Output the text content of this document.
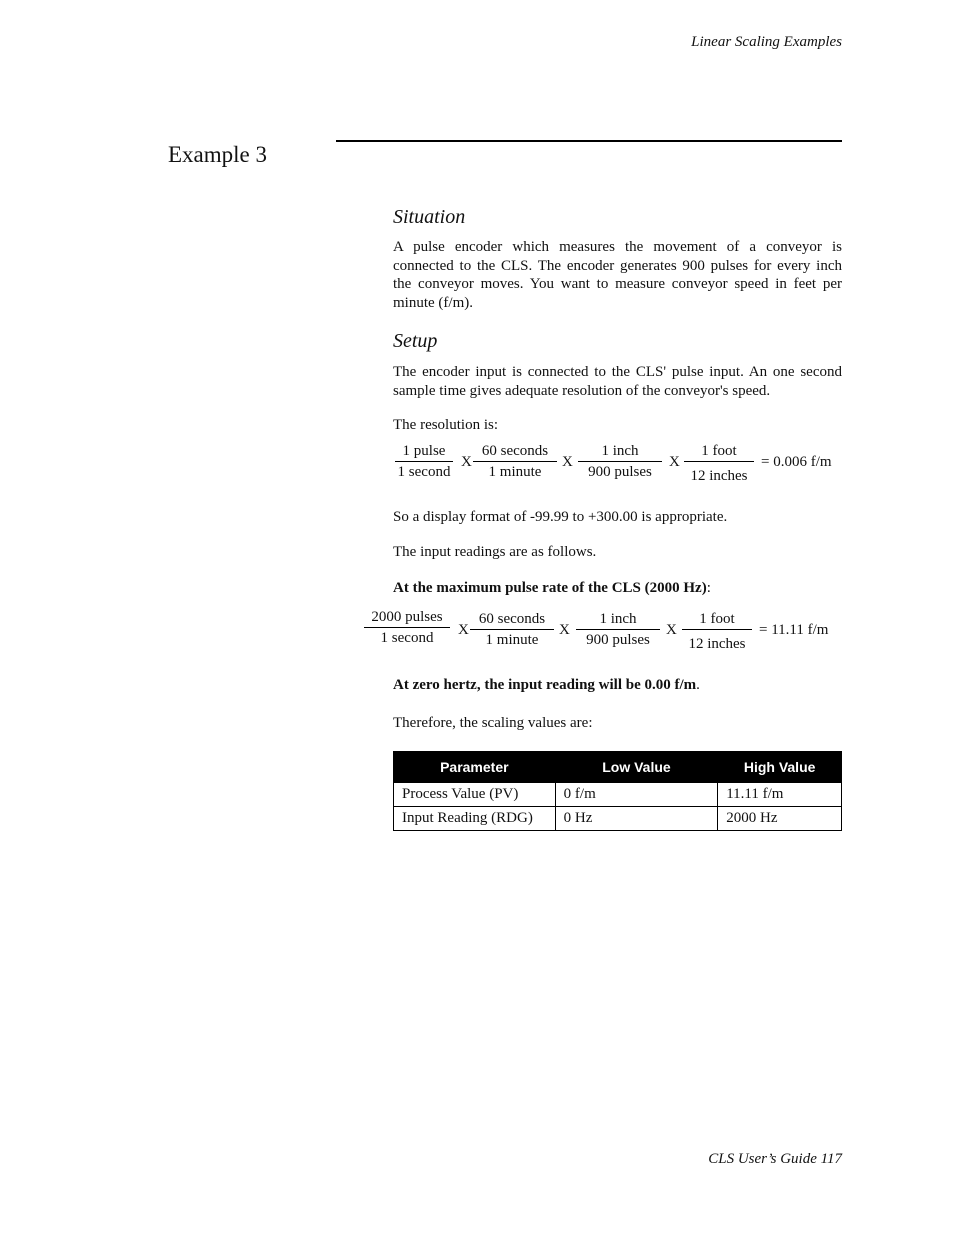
Linear Scaling Examples
Example 3
Situation
A pulse encoder which measures the movement of a conveyor is connected to the CLS. The encoder generates 900 pulses for every inch the conveyor moves. You want to measure conveyor speed in feet per minute (f/m).
Setup
The encoder input is connected to the CLS' pulse input. An one second sample time gives adequate resolution of the conveyor's speed.
The resolution is:
1 pulse
1 second
X
60 seconds
1 minute
X
1 inch
900 pulses
X
1 foot
12 inches
= 0.006 f/m
So a display format of -99.99 to +300.00 is appropriate.
The input readings are as follows.
At the maximum pulse rate of the CLS (2000 Hz):
2000 pulses
1 second	X
60 seconds
1 minute
X
1 inch
900 pulses
X
1 foot
12 inches
= 11.11 f/m
At zero hertz, the input reading will be 0.00 f/m.
Therefore, the scaling values are:
Parameter	Low Value	High Value
Process Value (PV)	0 f/m	11.11 f/m
Input Reading (RDG)	0 Hz	2000 Hz
CLS User’s Guide 117
